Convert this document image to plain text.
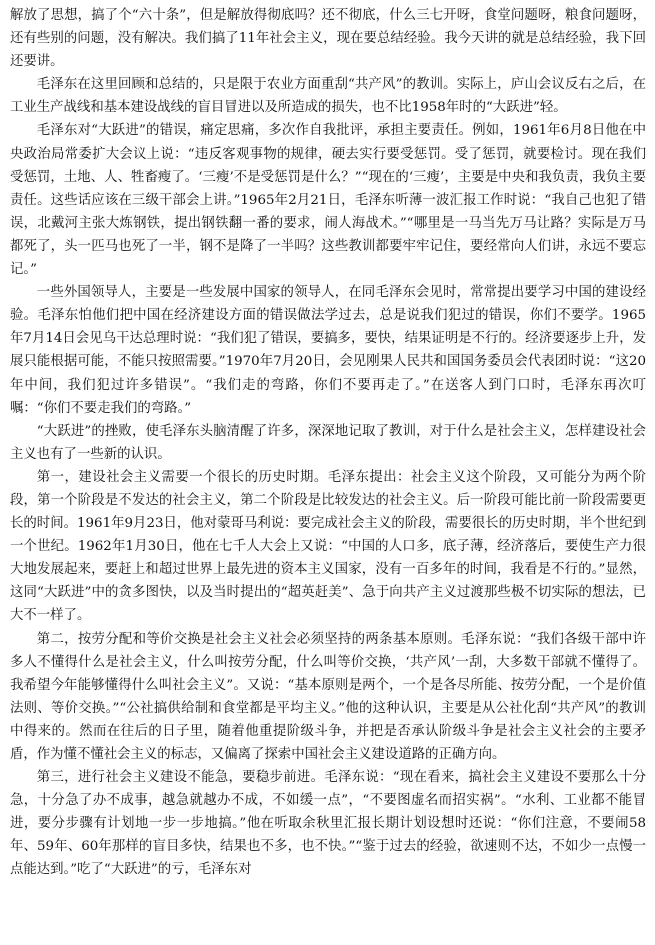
解放了思想，搞了个“六十条”，但是解放得彻底吗？还不彻底，什么三七开呀，食堂问题呀，粮食问题呀，还有些别的问题，没有解决。我们搞了11年社会主义，现在要总结经验。我今天讲的就是总结经验，我下回还要讲。

毛泽东在这里回顾和总结的，只是限于农业方面重刮“共产风”的教训。实际上，庐山会议反右之后，在工业生产战线和基本建设战线的盲目冒进以及所造成的损失，也不比1958年时的“大跃进”轻。

毛泽东对“大跃进”的错误，痛定思痛，多次作自我批评，承担主要责任。例如，1961年6月8日他在中央政治局常委扩大会议上说：“违反客观事物的规律，硬去实行要受惩罚。受了惩罚，就要检讨。现在我们受惩罚，土地、人、牲畜瘦了。‘三瘦’不是受惩罚是什么？”“现在的‘三瘦’，主要是中央和我负责，我负主要责任。这些话应该在三级干部会上讲。”1965年2月21日，毛泽东听薄一波汇报工作时说：“我自己也犯了错误，北戴河主张大炼钢铁，提出钢铁翻一番的要求，闹人海战术。”“哪里是一马当先万马让路？实际是万马都死了，头一匹马也死了一半，钢不是降了一半吗？这些教训都要牢牢记住，要经常向人们讲，永远不要忘记。”

一些外国领导人，主要是一些发展中国家的领导人，在同毛泽东会见时，常常提出要学习中国的建设经验。毛泽东怕他们把中国在经济建设方面的错误做法学过去，总是说我们犯过的错误，你们不要学。1965年7月14日会见乌干达总理时说：“我们犯了错误，要搞多，要快，结果证明是不行的。经济要逐步上升，发展只能根据可能，不能只按照需要。”1970年7月20日，会见刚果人民共和国国务委员会代表团时说：“这20年中间，我们犯过许多错误”。“我们走的弯路，你们不要再走了。”在送客人到门口时，毛泽东再次叮嘱：“你们不要走我们的弯路。”

“大跃进”的挫败，使毛泽东头脑清醒了许多，深深地记取了教训，对于什么是社会主义，怎样建设社会主义也有了一些新的认识。

第一，建设社会主义需要一个很长的历史时期。毛泽东提出：社会主义这个阶段，又可能分为两个阶段，第一个阶段是不发达的社会主义，第二个阶段是比较发达的社会主义。后一阶段可能比前一阶段需要更长的时间。1961年9月23日，他对蒙哥马利说：要完成社会主义的阶段，需要很长的历史时期，半个世纪到一个世纪。1962年1月30日，他在七千人大会上又说：“中国的人口多，底子薄，经济落后，要使生产力很大地发展起来，要赶上和超过世界上最先进的资本主义国家，没有一百多年的时间，我看是不行的。”显然，这同“大跃进”中的贪多图快，以及当时提出的“超英赶美”、急于向共产主义过渡那些极不切实际的想法，已大不一样了。

第二，按劳分配和等价交换是社会主义社会必须坚持的两条基本原则。毛泽东说：“我们各级干部中许多人不懂得什么是社会主义，什么叫按劳分配，什么叫等价交换，‘共产风’一刮，大多数干部就不懂得了。我希望今年能够懂得什么叫社会主义”。又说：“基本原则是两个，一个是各尽所能、按劳分配，一个是价值法则、等价交换。”“公社搞供给制和食堂都是平均主义。”他的这种认识，主要是从公社化刮“共产风”的教训中得来的。然而在往后的日子里，随着他重提阶级斗争，并把是否承认阶级斗争是社会主义社会的主要矛盾，作为懂不懂社会主义的标志，又偏离了探索中国社会主义建设道路的正确方向。

第三，进行社会主义建设不能急，要稳步前进。毛泽东说：“现在看来，搞社会主义建设不要那么十分急，十分急了办不成事，越急就越办不成，不如缓一点”，“不要图虚名而招实祸”。“水利、工业都不能冒进，要分步骤有计划地一步一步地搞。”他在听取余秋里汇报长期计划设想时还说：“你们注意，不要闹58年、59年、60年那样的盲目多快，结果也不多，也不快。”“鉴于过去的经验，欲速则不达，不如少一点慢一点能达到。”吃了“大跃进”的亏，毛泽东对
